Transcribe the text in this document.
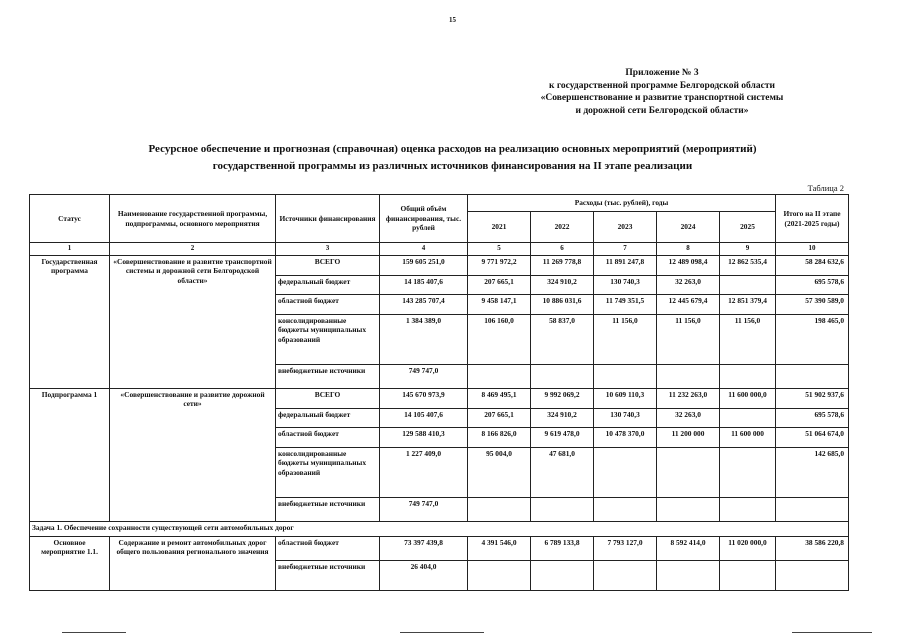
15
Приложение № 3
к государственной программе Белгородской области
«Совершенствование и развитие транспортной системы
и дорожной сети Белгородской области»
Ресурсное обеспечение и прогнозная (справочная) оценка расходов на реализацию основных мероприятий (мероприятий)
государственной программы из различных источников финансирования на II этапе реализации
Таблица 2
Статус	Наименование государственной программы, подпрограммы, основного мероприятия	Источники финансирования	Общий объём финансирования, тыс. рублей	Расходы (тыс. рублей), годы					Итого на II этапе (2021-2025 годы)
				2021	2022	2023	2024	2025	
1	2	3	4	5	6	7	8	9	10
Государственная программа	«Совершенствование и развитие транспортной системы и дорожной сети Белгородской области»	ВСЕГО	159 605 251,0	9 771 972,2	11 269 778,8	11 891 247,8	12 489 098,4	12 862 535,4	58 284 632,6
		федеральный бюджет	14 185 407,6	207 665,1	324 910,2	130 740,3	32 263,0		695 578,6
		областной бюджет	143 285 707,4	9 458 147,1	10 886 031,6	11 749 351,5	12 445 679,4	12 851 379,4	57 390 589,0
		консолидированные бюджеты муниципальных образований	1 384 389,0	106 160,0	58 837,0	11 156,0	11 156,0	11 156,0	198 465,0
		внебюджетные источники	749 747,0						
Подпрограмма 1	«Совершенствование и развитие дорожной сети»	ВСЕГО	145 670 973,9	8 469 495,1	9 992 069,2	10 609 110,3	11 232 263,0	11 600 000,0	51 902 937,6
		федеральный бюджет	14 105 407,6	207 665,1	324 910,2	130 740,3	32 263,0		695 578,6
		областной бюджет	129 588 410,3	8 166 826,0	9 619 478,0	10 478 370,0	11 200 000	11 600 000	51 064 674,0
		консолидированные бюджеты муниципальных образований	1 227 409,0	95 004,0	47 681,0				142 685,0
		внебюджетные источники	749 747,0						
Задача 1. Обеспечение сохранности существующей сети автомобильных дорог									
Основное мероприятие 1.1.	Содержание и ремонт автомобильных дорог общего пользования регионального значения	областной бюджет	73 397 439,8	4 391 546,0	6 789 133,8	7 793 127,0	8 592 414,0	11 020 000,0	38 586 220,8
		внебюджетные источники	26 404,0						
